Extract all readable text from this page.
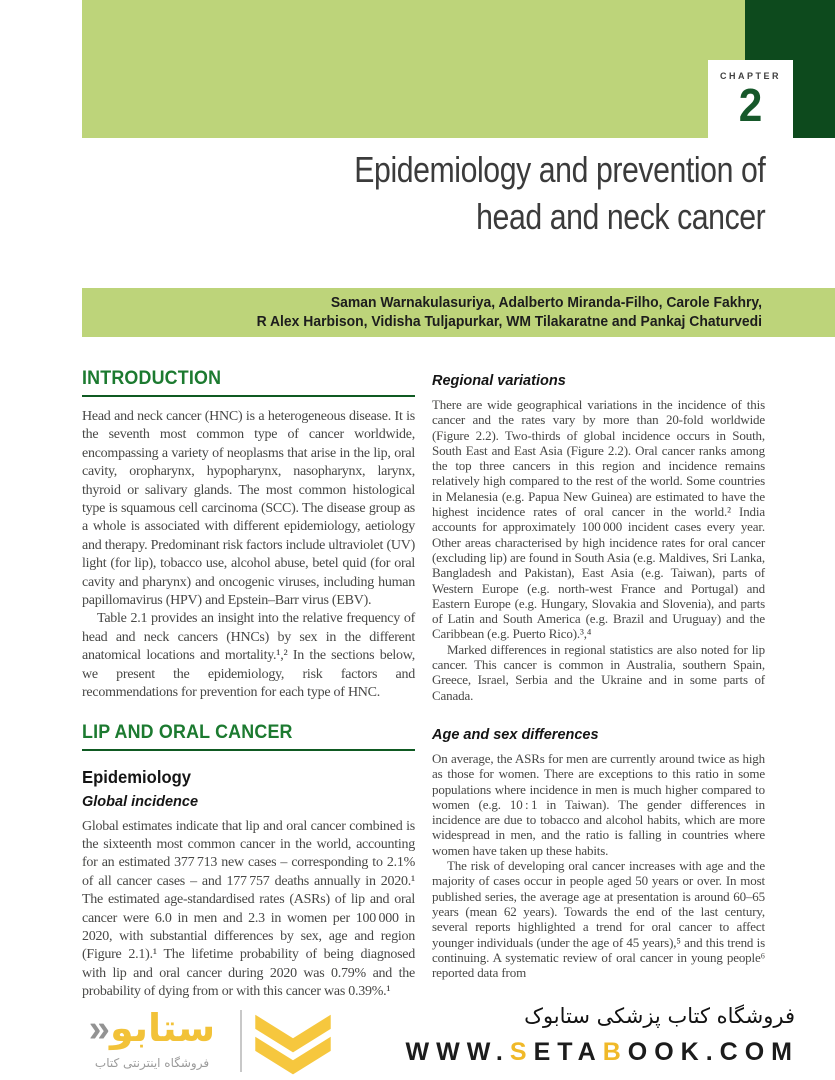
CHAPTER
2
Epidemiology and prevention of
head and neck cancer
Saman Warnakulasuriya, Adalberto Miranda-Filho, Carole Fakhry,
R Alex Harbison, Vidisha Tuljapurkar, WM Tilakaratne and Pankaj Chaturvedi
INTRODUCTION

Head and neck cancer (HNC) is a heterogeneous disease. It is the seventh most common type of cancer worldwide, encompassing a variety of neoplasms that arise in the lip, oral cavity, oropharynx, hypopharynx, nasopharynx, larynx, thyroid or salivary glands. The most common histological type is squamous cell carcinoma (SCC). The disease group as a whole is associated with different epidemiology, aetiology and therapy. Predominant risk factors include ultraviolet (UV) light (for lip), tobacco use, alcohol abuse, betel quid (for oral cavity and pharynx) and oncogenic viruses, including human papillomavirus (HPV) and Epstein–Barr virus (EBV).

Table 2.1 provides an insight into the relative frequency of head and neck cancers (HNCs) by sex in the different anatomical locations and mortality.¹,² In the sections below, we present the epidemiology, risk factors and recommendations for prevention for each type of HNC.

LIP AND ORAL CANCER
Epidemiology
Global incidence

Global estimates indicate that lip and oral cancer combined is the sixteenth most common cancer in the world, accounting for an estimated 377 713 new cases – corresponding to 2.1% of all cancer cases – and 177 757 deaths annually in 2020.¹ The estimated age-standardised rates (ASRs) of lip and oral cancer were 6.0 in men and 2.3 in women per 100 000 in 2020, with substantial differences by sex, age and region (Figure 2.1).¹ The lifetime probability of being diagnosed with lip and oral cancer during 2020 was 0.79% and the probability of dying from or with this cancer was 0.39%.¹

Regional variations

There are wide geographical variations in the incidence of this cancer and the rates vary by more than 20-fold worldwide (Figure 2.2). Two-thirds of global incidence occurs in South, South East and East Asia (Figure 2.2). Oral cancer ranks among the top three cancers in this region and incidence remains relatively high compared to the rest of the world. Some countries in Melanesia (e.g. Papua New Guinea) are estimated to have the highest incidence rates of oral cancer in the world.² India accounts for approximately 100 000 incident cases every year. Other areas characterised by high incidence rates for oral cancer (excluding lip) are found in South Asia (e.g. Maldives, Sri Lanka, Bangladesh and Pakistan), East Asia (e.g. Taiwan), parts of Western Europe (e.g. north-west France and Portugal) and Eastern Europe (e.g. Hungary, Slovakia and Slovenia), and parts of Latin and South America (e.g. Brazil and Uruguay) and the Caribbean (e.g. Puerto Rico).³,⁴

Marked differences in regional statistics are also noted for lip cancer. This cancer is common in Australia, southern Spain, Greece, Israel, Serbia and the Ukraine and in some parts of Canada.

Age and sex differences

On average, the ASRs for men are currently around twice as high as those for women. There are exceptions to this ratio in some populations where incidence in men is much higher compared to women (e.g. 10 : 1 in Taiwan). The gender differences in incidence are due to tobacco and alcohol habits, which are more widespread in men, and the ratio is falling in countries where women have taken up these habits.

The risk of developing oral cancer increases with age and the majority of cases occur in people aged 50 years or over. In most published series, the average age at presentation is around 60–65 years (mean 62 years). Towards the end of the last century, several reports highlighted a trend for oral cancer to affect younger individuals (under the age of 45 years),⁵ and this trend is continuing. A systematic review of oral cancer in young people⁶ reported data from

ستابو«
فروشگاه اینترنتی کتاب
فروشگاه کتاب پزشکی ستابوک
WWW.SETABOOK.COM
